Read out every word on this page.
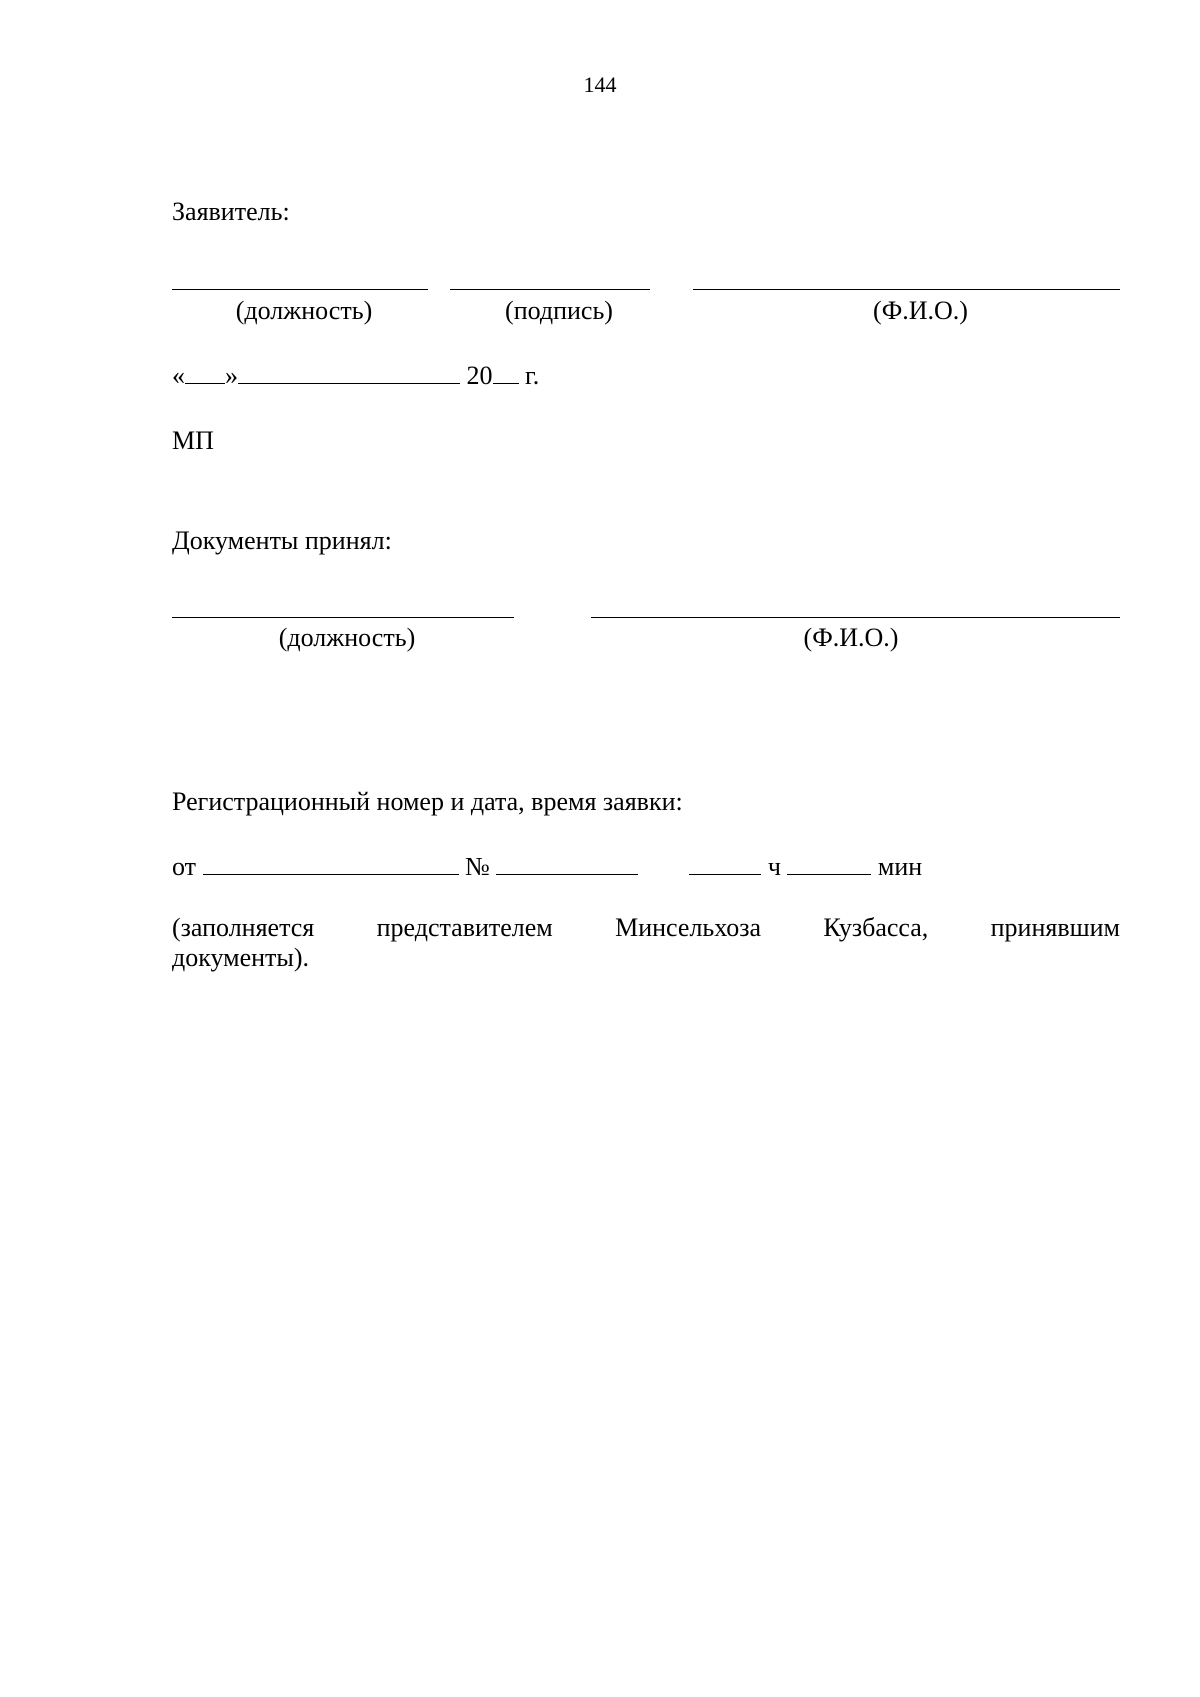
144
Заявитель:
(должность)	(подпись)	(Ф.И.О.)
« »	20 г.
МП
Документы принял:
(должность)	(Ф.И.О.)
Регистрационный номер и дата, время заявки:
от	№	ч	мин
(заполняется представителем Минсельхоза Кузбасса, принявшим
документы).
